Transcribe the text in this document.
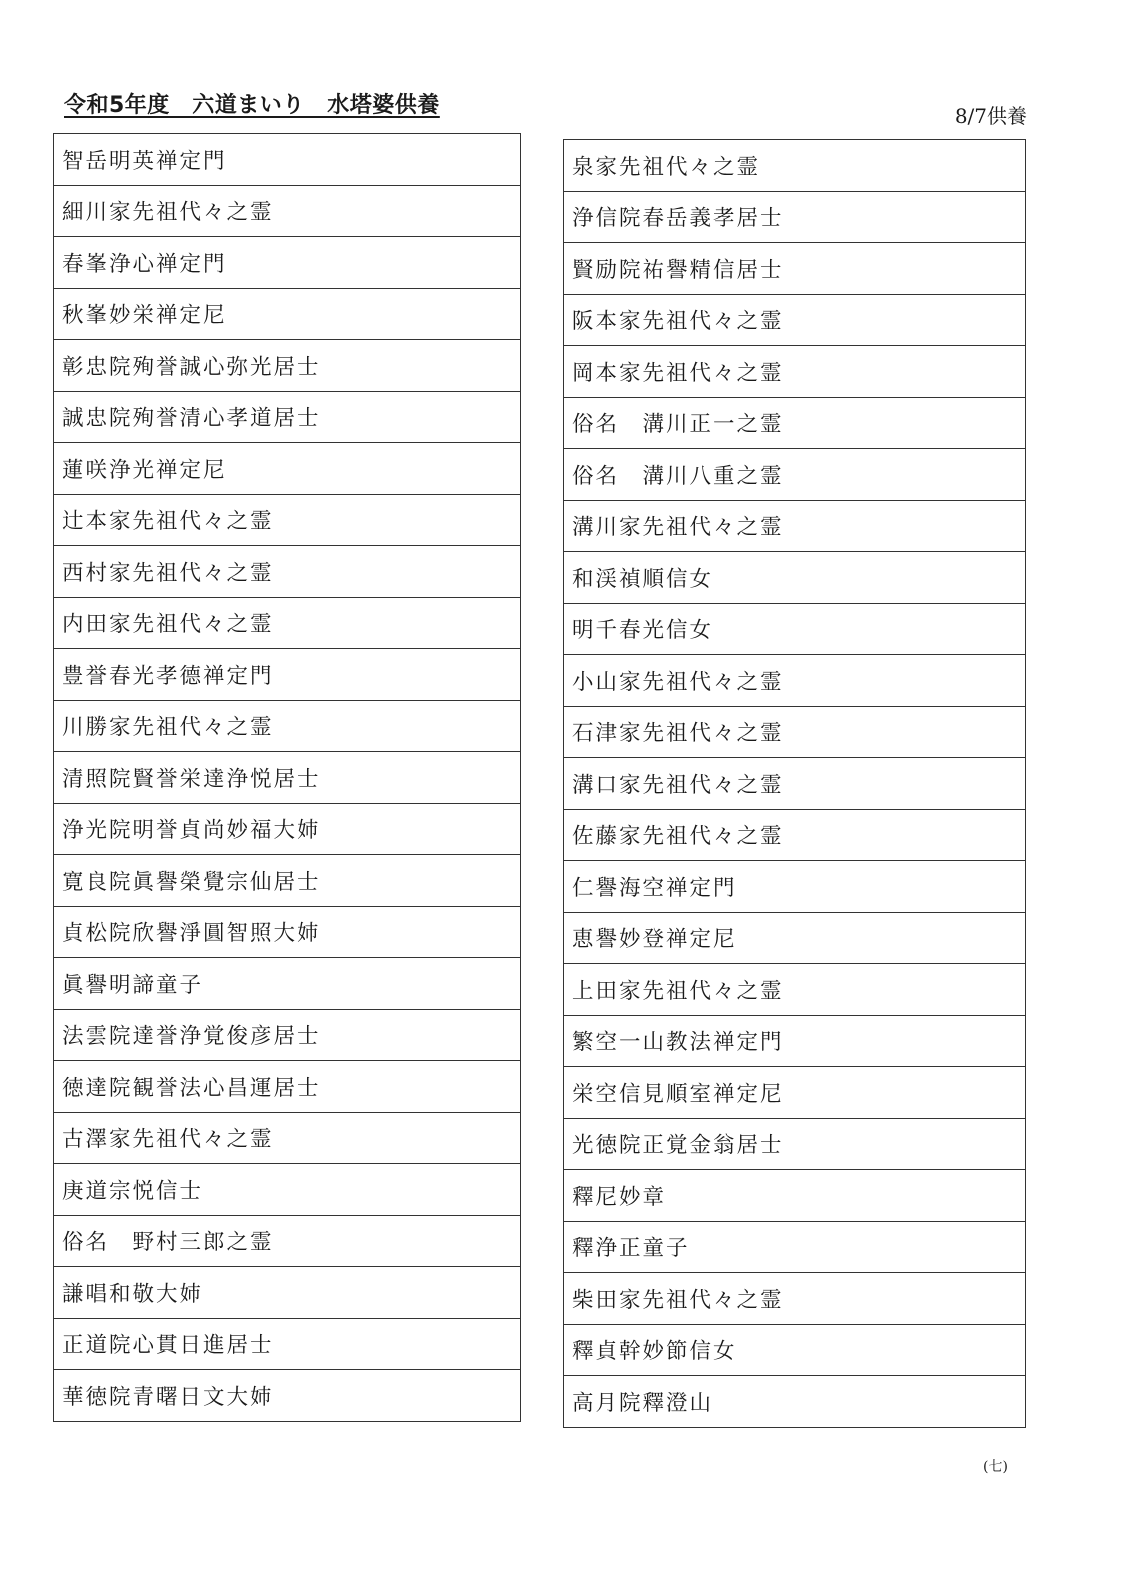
令和5年度　六道まいり　水塔婆供養	8/7供養
智岳明英禅定門
細川家先祖代々之霊
春峯浄心禅定門
秋峯妙栄禅定尼
彰忠院殉誉誠心弥光居士
誠忠院殉誉清心孝道居士
蓮咲浄光禅定尼
辻本家先祖代々之霊
西村家先祖代々之霊
内田家先祖代々之霊
豊誉春光孝德禅定門
川勝家先祖代々之霊
清照院賢誉栄達浄悦居士
浄光院明誉貞尚妙福大姉
寛良院眞譽榮覺宗仙居士
貞松院欣譽淨圓智照大姉
眞譽明諦童子
法雲院達誉浄覚俊彦居士
徳達院観誉法心昌運居士
古澤家先祖代々之霊
庚道宗悦信士
俗名　野村三郎之霊
謙唱和敬大姉
正道院心貫日進居士
華徳院青曙日文大姉
泉家先祖代々之霊
浄信院春岳義孝居士
賢励院祐譽精信居士
阪本家先祖代々之霊
岡本家先祖代々之霊
俗名　溝川正一之霊
俗名　溝川八重之霊
溝川家先祖代々之霊
和渓禎順信女
明千春光信女
小山家先祖代々之霊
石津家先祖代々之霊
溝口家先祖代々之霊
佐藤家先祖代々之霊
仁譽海空禅定門
恵譽妙登禅定尼
上田家先祖代々之霊
繁空一山教法禅定門
栄空信見順室禅定尼
光徳院正覚金翁居士
釋尼妙章
釋浄正童子
柴田家先祖代々之霊
釋貞幹妙節信女
高月院釋澄山
(七)
